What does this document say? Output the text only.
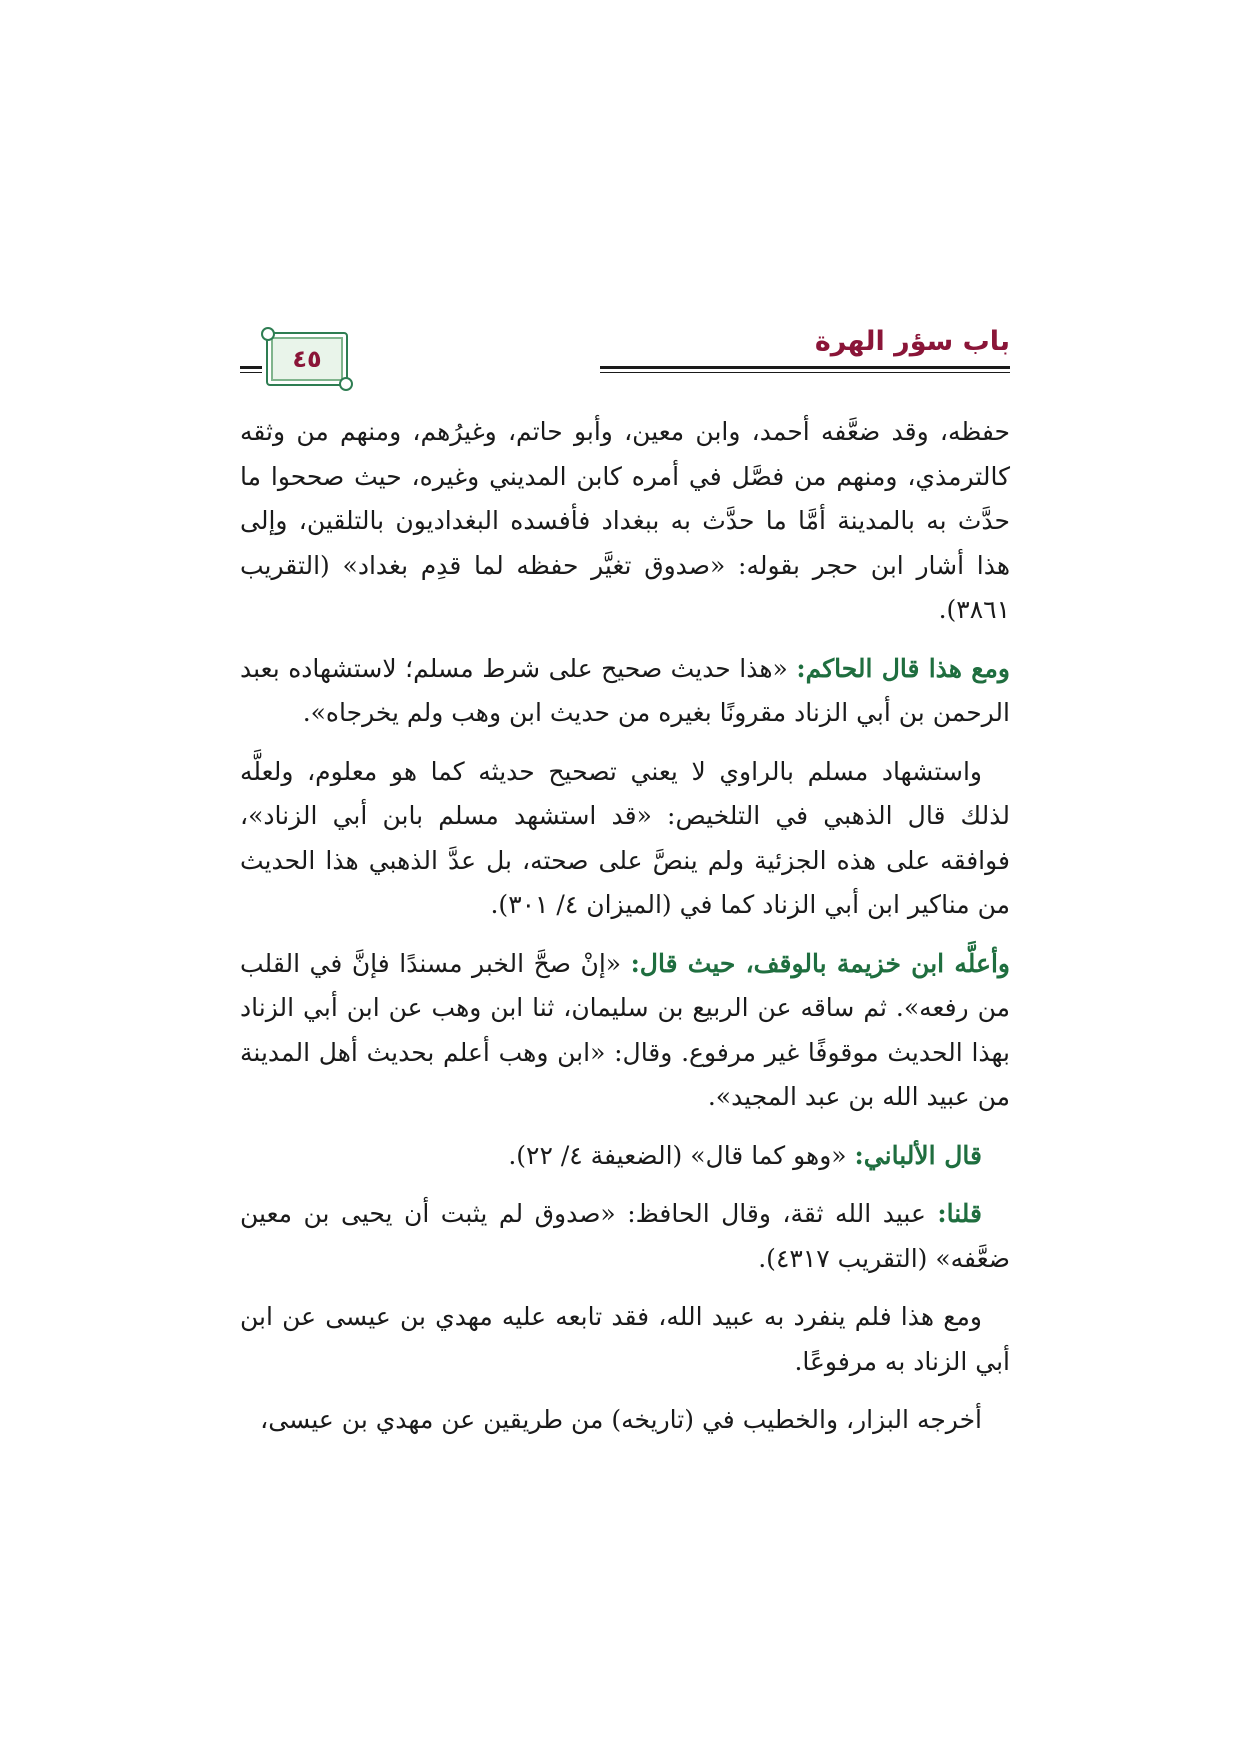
باب سؤر الهرة
٤٥

حفظه، وقد ضعَّفه أحمد، وابن معين، وأبو حاتم، وغيرُهم، ومنهم من وثقه كالترمذي، ومنهم من فصَّل في أمره كابن المديني وغيره، حيث صححوا ما حدَّث به بالمدينة أمَّا ما حدَّث به ببغداد فأفسده البغداديون بالتلقين، وإلى هذا أشار ابن حجر بقوله: «صدوق تغيَّر حفظه لما قدِم بغداد» (التقريب ٣٨٦١).

ومع هذا قال الحاكم: «هذا حديث صحيح على شرط مسلم؛ لاستشهاده بعبد الرحمن بن أبي الزناد مقرونًا بغيره من حديث ابن وهب ولم يخرجاه».

واستشهاد مسلم بالراوي لا يعني تصحيح حديثه كما هو معلوم، ولعلَّه لذلك قال الذهبي في التلخيص: «قد استشهد مسلم بابن أبي الزناد»، فوافقه على هذه الجزئية ولم ينصَّ على صحته، بل عدَّ الذهبي هذا الحديث من مناكير ابن أبي الزناد كما في (الميزان ٤/ ٣٠١).

وأعلَّه ابن خزيمة بالوقف، حيث قال: «إنْ صحَّ الخبر مسندًا فإنَّ في القلب من رفعه». ثم ساقه عن الربيع بن سليمان، ثنا ابن وهب عن ابن أبي الزناد بهذا الحديث موقوفًا غير مرفوع. وقال: «ابن وهب أعلم بحديث أهل المدينة من عبيد الله بن عبد المجيد».

قال الألباني: «وهو كما قال» (الضعيفة ٤/ ٢٢).

قلنا: عبيد الله ثقة، وقال الحافظ: «صدوق لم يثبت أن يحيى بن معين ضعَّفه» (التقريب ٤٣١٧).

ومع هذا فلم ينفرد به عبيد الله، فقد تابعه عليه مهدي بن عيسى عن ابن أبي الزناد به مرفوعًا.

أخرجه البزار، والخطيب في (تاريخه) من طريقين عن مهدي بن عيسى،
